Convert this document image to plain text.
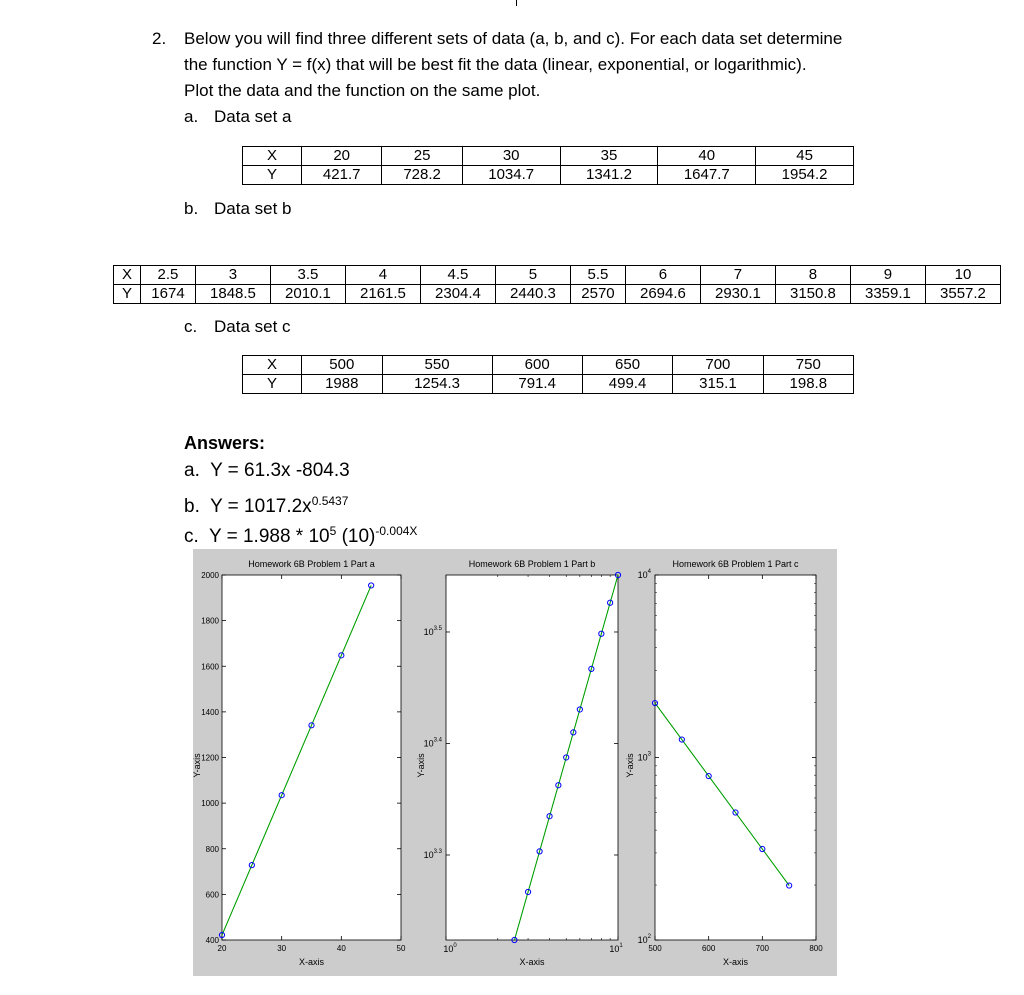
2. Below you will find three different sets of data (a, b, and c). For each data set determine
the function Y = f(x) that will be best fit the data (linear, exponential, or logarithmic).
Plot the data and the function on the same plot.
a. Data set a
X	20	25	30	35	40	45
Y	421.7	728.2	1034.7	1341.2	1647.7	1954.2
b. Data set b
X	2.5	3	3.5	4	4.5	5	5.5	6	7	8	9	10
Y	1674	1848.5	2010.1	2161.5	2304.4	2440.3	2570	2694.6	2930.1	3150.8	3359.1	3557.2
c. Data set c
X	500	550	600	650	700	750
Y	1988	1254.3	791.4	499.4	315.1	198.8
Answers:
a. Y = 61.3x -804.3
b. $Y = 1017.2x^{0.5437}$
c. $Y = 1.988 * 10^5$ $(10)^{-0.004X}$
Homework 6B Problem 1 Part a
X-axis
Y-axis
20	30	40	50
400
600
800
1000
1200
1400
1600
1800
2000
Homework 6B Problem 1 Part b
X-axis
Y-axis
$10^0$	$10^1$
$10^{3.3}$
$10^{3.4}$
$10^{3.5}$
Homework 6B Problem 1 Part c
X-axis
Y-axis
500	600	700	800
$10^2$
$10^3$
$10^4$
